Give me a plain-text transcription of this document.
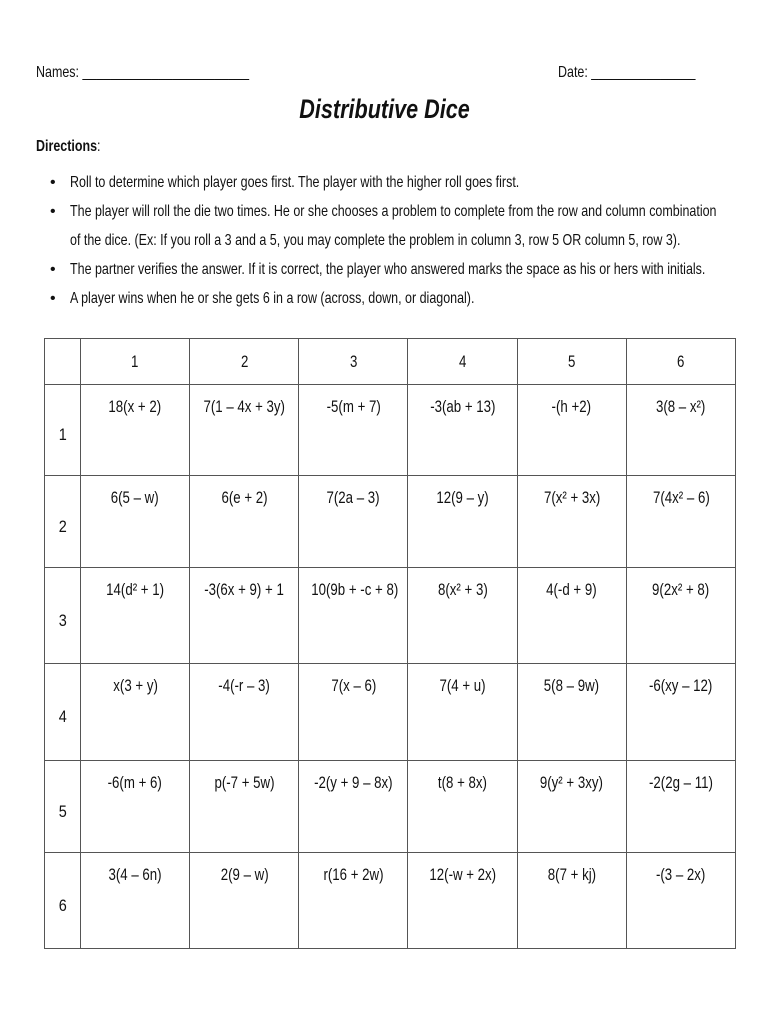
Names: ________________________	Date: _______________
Distributive Dice
Directions:
• Roll to determine which player goes first. The player with the higher roll goes first.
• The player will roll the die two times. He or she chooses a problem to complete from the row and column combination
of the dice. (Ex: If you roll a 3 and a 5, you may complete the problem in column 3, row 5 OR column 5, row 3).
• The partner verifies the answer. If it is correct, the player who answered marks the space as his or hers with initials.
• A player wins when he or she gets 6 in a row (across, down, or diagonal).
	1	2	3	4	5	6
1	18(x + 2)	7(1 – 4x + 3y)	-5(m + 7)	-3(ab + 13)	-(h +2)	3(8 – x²)
2	6(5 – w)	6(e + 2)	7(2a – 3)	12(9 – y)	7(x² + 3x)	7(4x² – 6)
3	14(d² + 1)	-3(6x + 9) + 1	10(9b + -c + 8)	8(x² + 3)	4(-d + 9)	9(2x² + 8)
4	x(3 + y)	-4(-r – 3)	7(x – 6)	7(4 + u)	5(8 – 9w)	-6(xy – 12)
5	-6(m + 6)	p(-7 + 5w)	-2(y + 9 – 8x)	t(8 + 8x)	9(y² + 3xy)	-2(2g – 11)
6	3(4 – 6n)	2(9 – w)	r(16 + 2w)	12(-w + 2x)	8(7 + kj)	-(3 – 2x)
